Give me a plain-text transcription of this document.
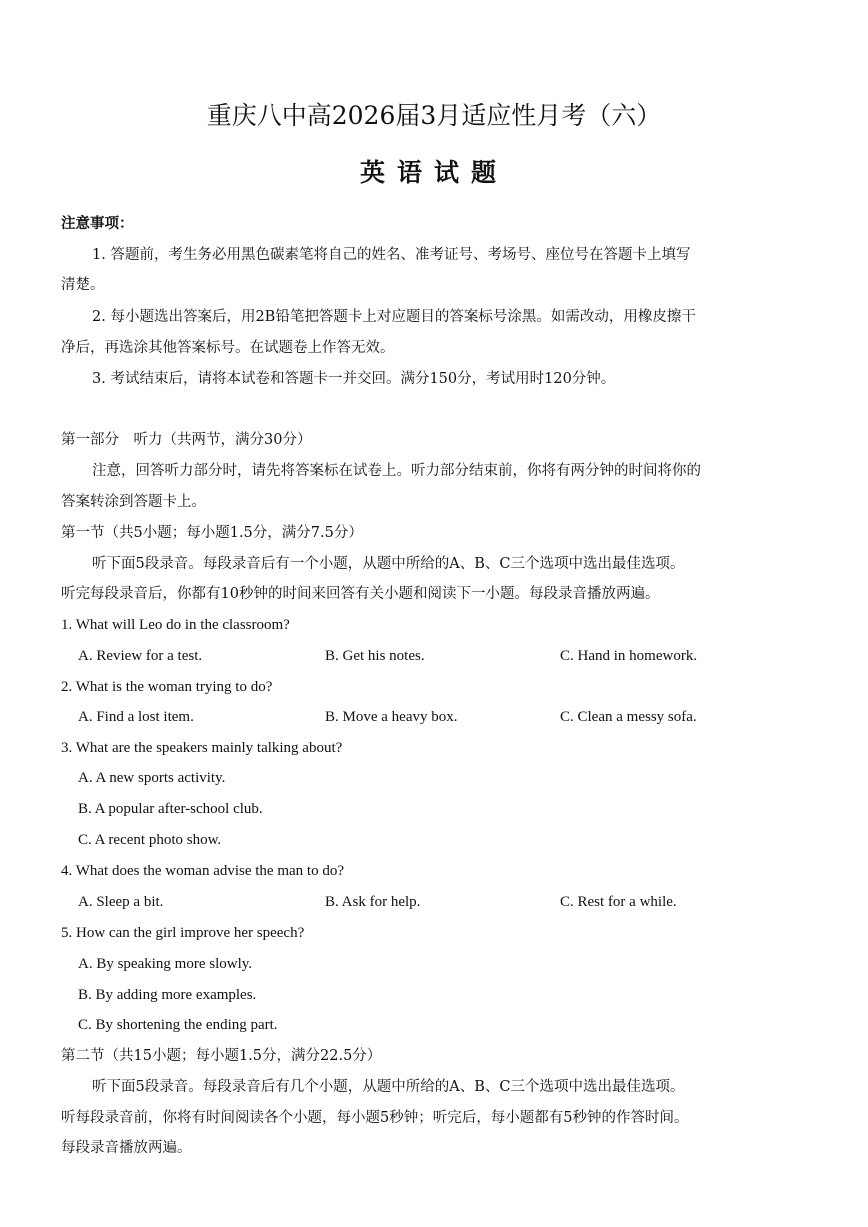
重庆八中高2026届3月适应性月考（六）
英语试题
注意事项：
1. 答题前，考生务必用黑色碳素笔将自己的姓名、准考证号、考场号、座位号在答题卡上填写
清楚。
2. 每小题选出答案后，用2B铅笔把答题卡上对应题目的答案标号涂黑。如需改动，用橡皮擦干
净后，再选涂其他答案标号。在试题卷上作答无效。
3. 考试结束后，请将本试卷和答题卡一并交回。满分150分，考试用时120分钟。
第一部分　听力（共两节，满分30分）
注意，回答听力部分时，请先将答案标在试卷上。听力部分结束前，你将有两分钟的时间将你的
答案转涂到答题卡上。
第一节（共5小题；每小题1.5分，满分7.5分）
听下面5段录音。每段录音后有一个小题，从题中所给的A、B、C三个选项中选出最佳选项。
听完每段录音后，你都有10秒钟的时间来回答有关小题和阅读下一小题。每段录音播放两遍。
1. What will Leo do in the classroom?
A. Review for a test.	B. Get his notes.	C. Hand in homework.
2. What is the woman trying to do?
A. Find a lost item.	B. Move a heavy box.	C. Clean a messy sofa.
3. What are the speakers mainly talking about?
A. A new sports activity.
B. A popular after-school club.
C. A recent photo show.
4. What does the woman advise the man to do?
A. Sleep a bit.	B. Ask for help.	C. Rest for a while.
5. How can the girl improve her speech?
A. By speaking more slowly.
B. By adding more examples.
C. By shortening the ending part.
第二节（共15小题；每小题1.5分，满分22.5分）
听下面5段录音。每段录音后有几个小题，从题中所给的A、B、C三个选项中选出最佳选项。
听每段录音前，你将有时间阅读各个小题，每小题5秒钟；听完后，每小题都有5秒钟的作答时间。
每段录音播放两遍。
